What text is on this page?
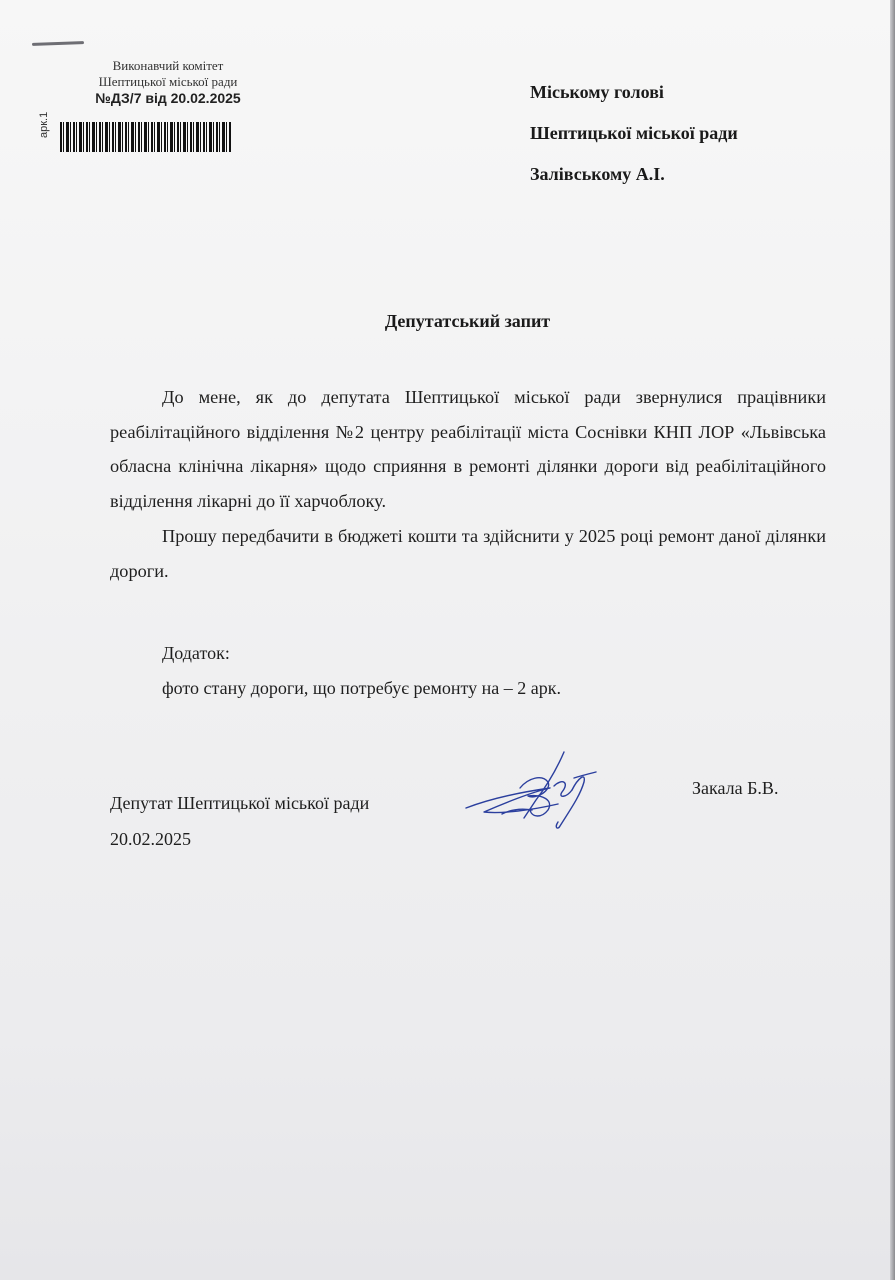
Виконавчий комітет
Шептицької міської ради
№ДЗ/7 від 20.02.2025
арк.1
Міському голові
Шептицької міської ради
Залівському А.І.
Депутатський запит

До мене, як до депутата Шептицької міської ради звернулися працівники реабілітаційного відділення №2 центру реабілітації міста Соснівки КНП ЛОР «Львівська обласна клінічна лікарня» щодо сприяння в ремонті ділянки дороги від реабілітаційного відділення лікарні до її харчоблоку.

Прошу передбачити в бюджеті кошти та здійснити у 2025 році ремонт даної ділянки дороги.

Додаток:
фото стану дороги, що потребує ремонту на – 2 арк.
Депутат Шептицької міської ради
20.02.2025
Закала Б.В.
